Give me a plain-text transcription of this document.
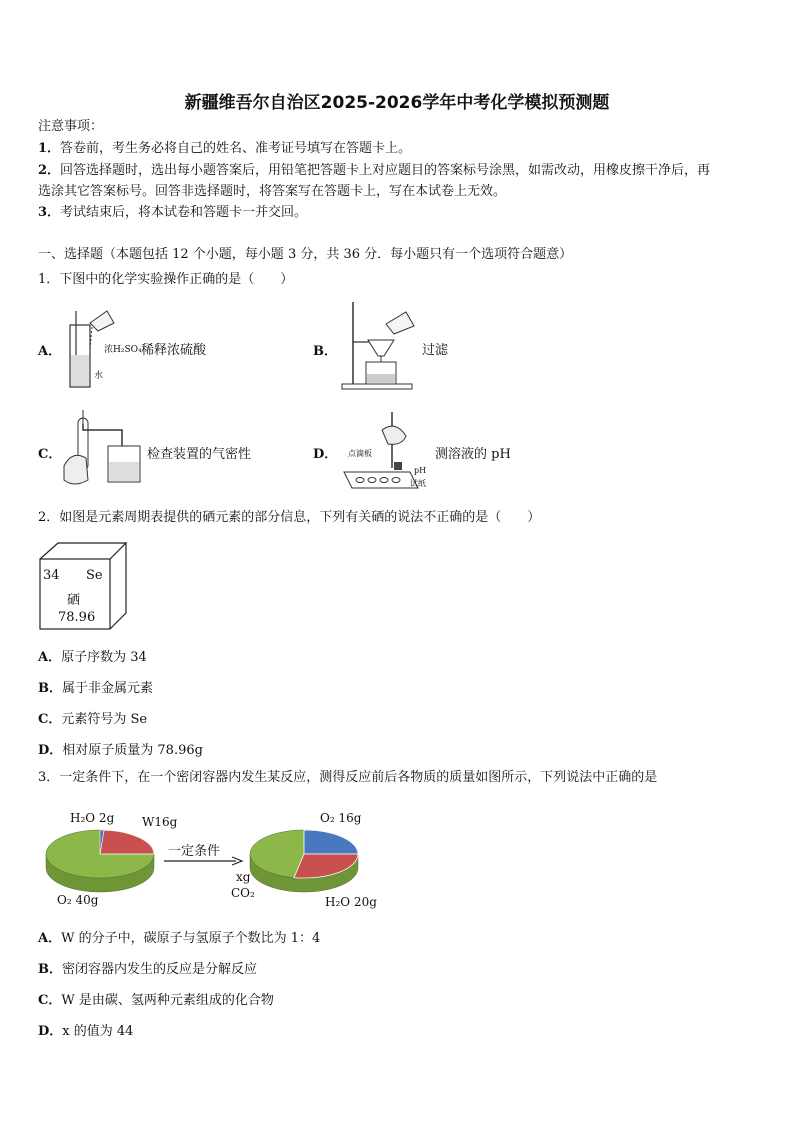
新疆维吾尔自治区2025-2026学年中考化学模拟预测题
注意事项：
1．答卷前，考生务必将自己的姓名、准考证号填写在答题卡上。
2．回答选择题时，选出每小题答案后，用铅笔把答题卡上对应题目的答案标号涂黑，如需改动，用橡皮擦干净后，再
选涂其它答案标号。回答非选择题时，将答案写在答题卡上，写在本试卷上无效。
3．考试结束后，将本试卷和答题卡一并交回。
一、选择题（本题包括 12 个小题，每小题 3 分，共 36 分．每小题只有一个选项符合题意）
1．下图中的化学实验操作正确的是（　　）
A．	浓H₂SO₄
水
稀释浓硫酸	B．	过滤
C．	检查装置的气密性	D． 点滴板
pH
试纸
测溶液的 pH
2．如图是元素周期表提供的硒元素的部分信息，下列有关硒的说法不正确的是（　　）
34 Se
硒
78.96
A．原子序数为 34
B．属于非金属元素
C．元素符号为 Se
D．相对原子质量为 78.96g
3．一定条件下，在一个密闭容器内发生某反应，测得反应前后各物质的质量如图所示，下列说法中正确的是
H₂O 2g W16g
O₂ 40g
一定条件
O₂ 16g
xg
CO₂
H₂O 20g
A．W 的分子中，碳原子与氢原子个数比为 1：4
B．密闭容器内发生的反应是分解反应
C．W 是由碳、氢两种元素组成的化合物
D．x 的值为 44
